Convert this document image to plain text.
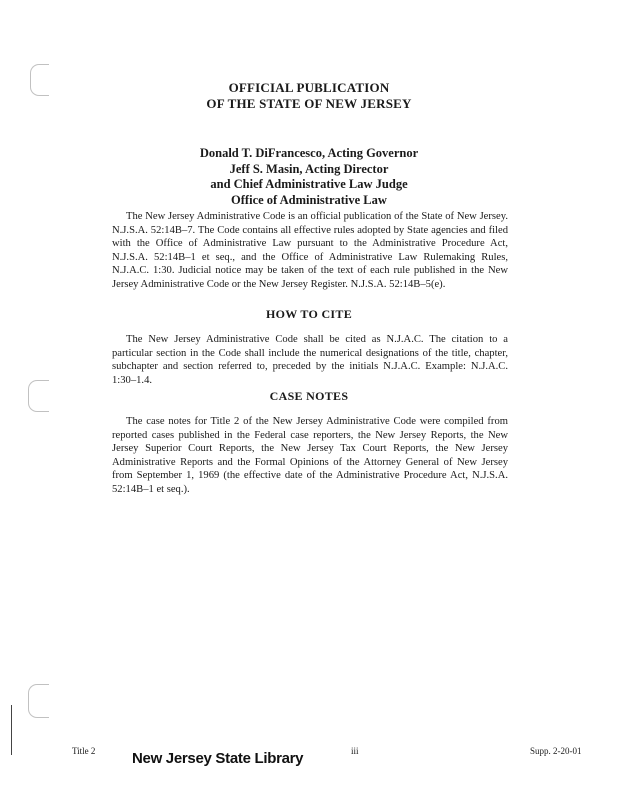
OFFICIAL PUBLICATION
OF THE STATE OF NEW JERSEY
Donald T. DiFrancesco, Acting Governor
Jeff S. Masin, Acting Director
and Chief Administrative Law Judge
Office of Administrative Law

The New Jersey Administrative Code is an official publication of the State of New Jersey. N.J.S.A. 52:14B–7. The Code contains all effective rules adopted by State agencies and filed with the Office of Administrative Law pursuant to the Administrative Procedure Act, N.J.S.A. 52:14B–1 et seq., and the Office of Administrative Law Rulemaking Rules, N.J.A.C. 1:30. Judicial notice may be taken of the text of each rule published in the New Jersey Administrative Code or the New Jersey Register. N.J.S.A. 52:14B–5(e).

HOW TO CITE

The New Jersey Administrative Code shall be cited as N.J.A.C. The citation to a particular section in the Code shall include the numerical designations of the title, chapter, subchapter and section referred to, preceded by the initials N.J.A.C. Example: N.J.A.C. 1:30–1.4.

CASE NOTES

The case notes for Title 2 of the New Jersey Administrative Code were compiled from reported cases published in the Federal case reporters, the New Jersey Reports, the New Jersey Superior Court Reports, the New Jersey Tax Court Reports, the New Jersey Administrative Reports and the Formal Opinions of the Attorney General of New Jersey from September 1, 1969 (the effective date of the Administrative Procedure Act, N.J.S.A. 52:14B–1 et seq.).

Title 2 New Jersey State Library	iii	Supp. 2-20-01
